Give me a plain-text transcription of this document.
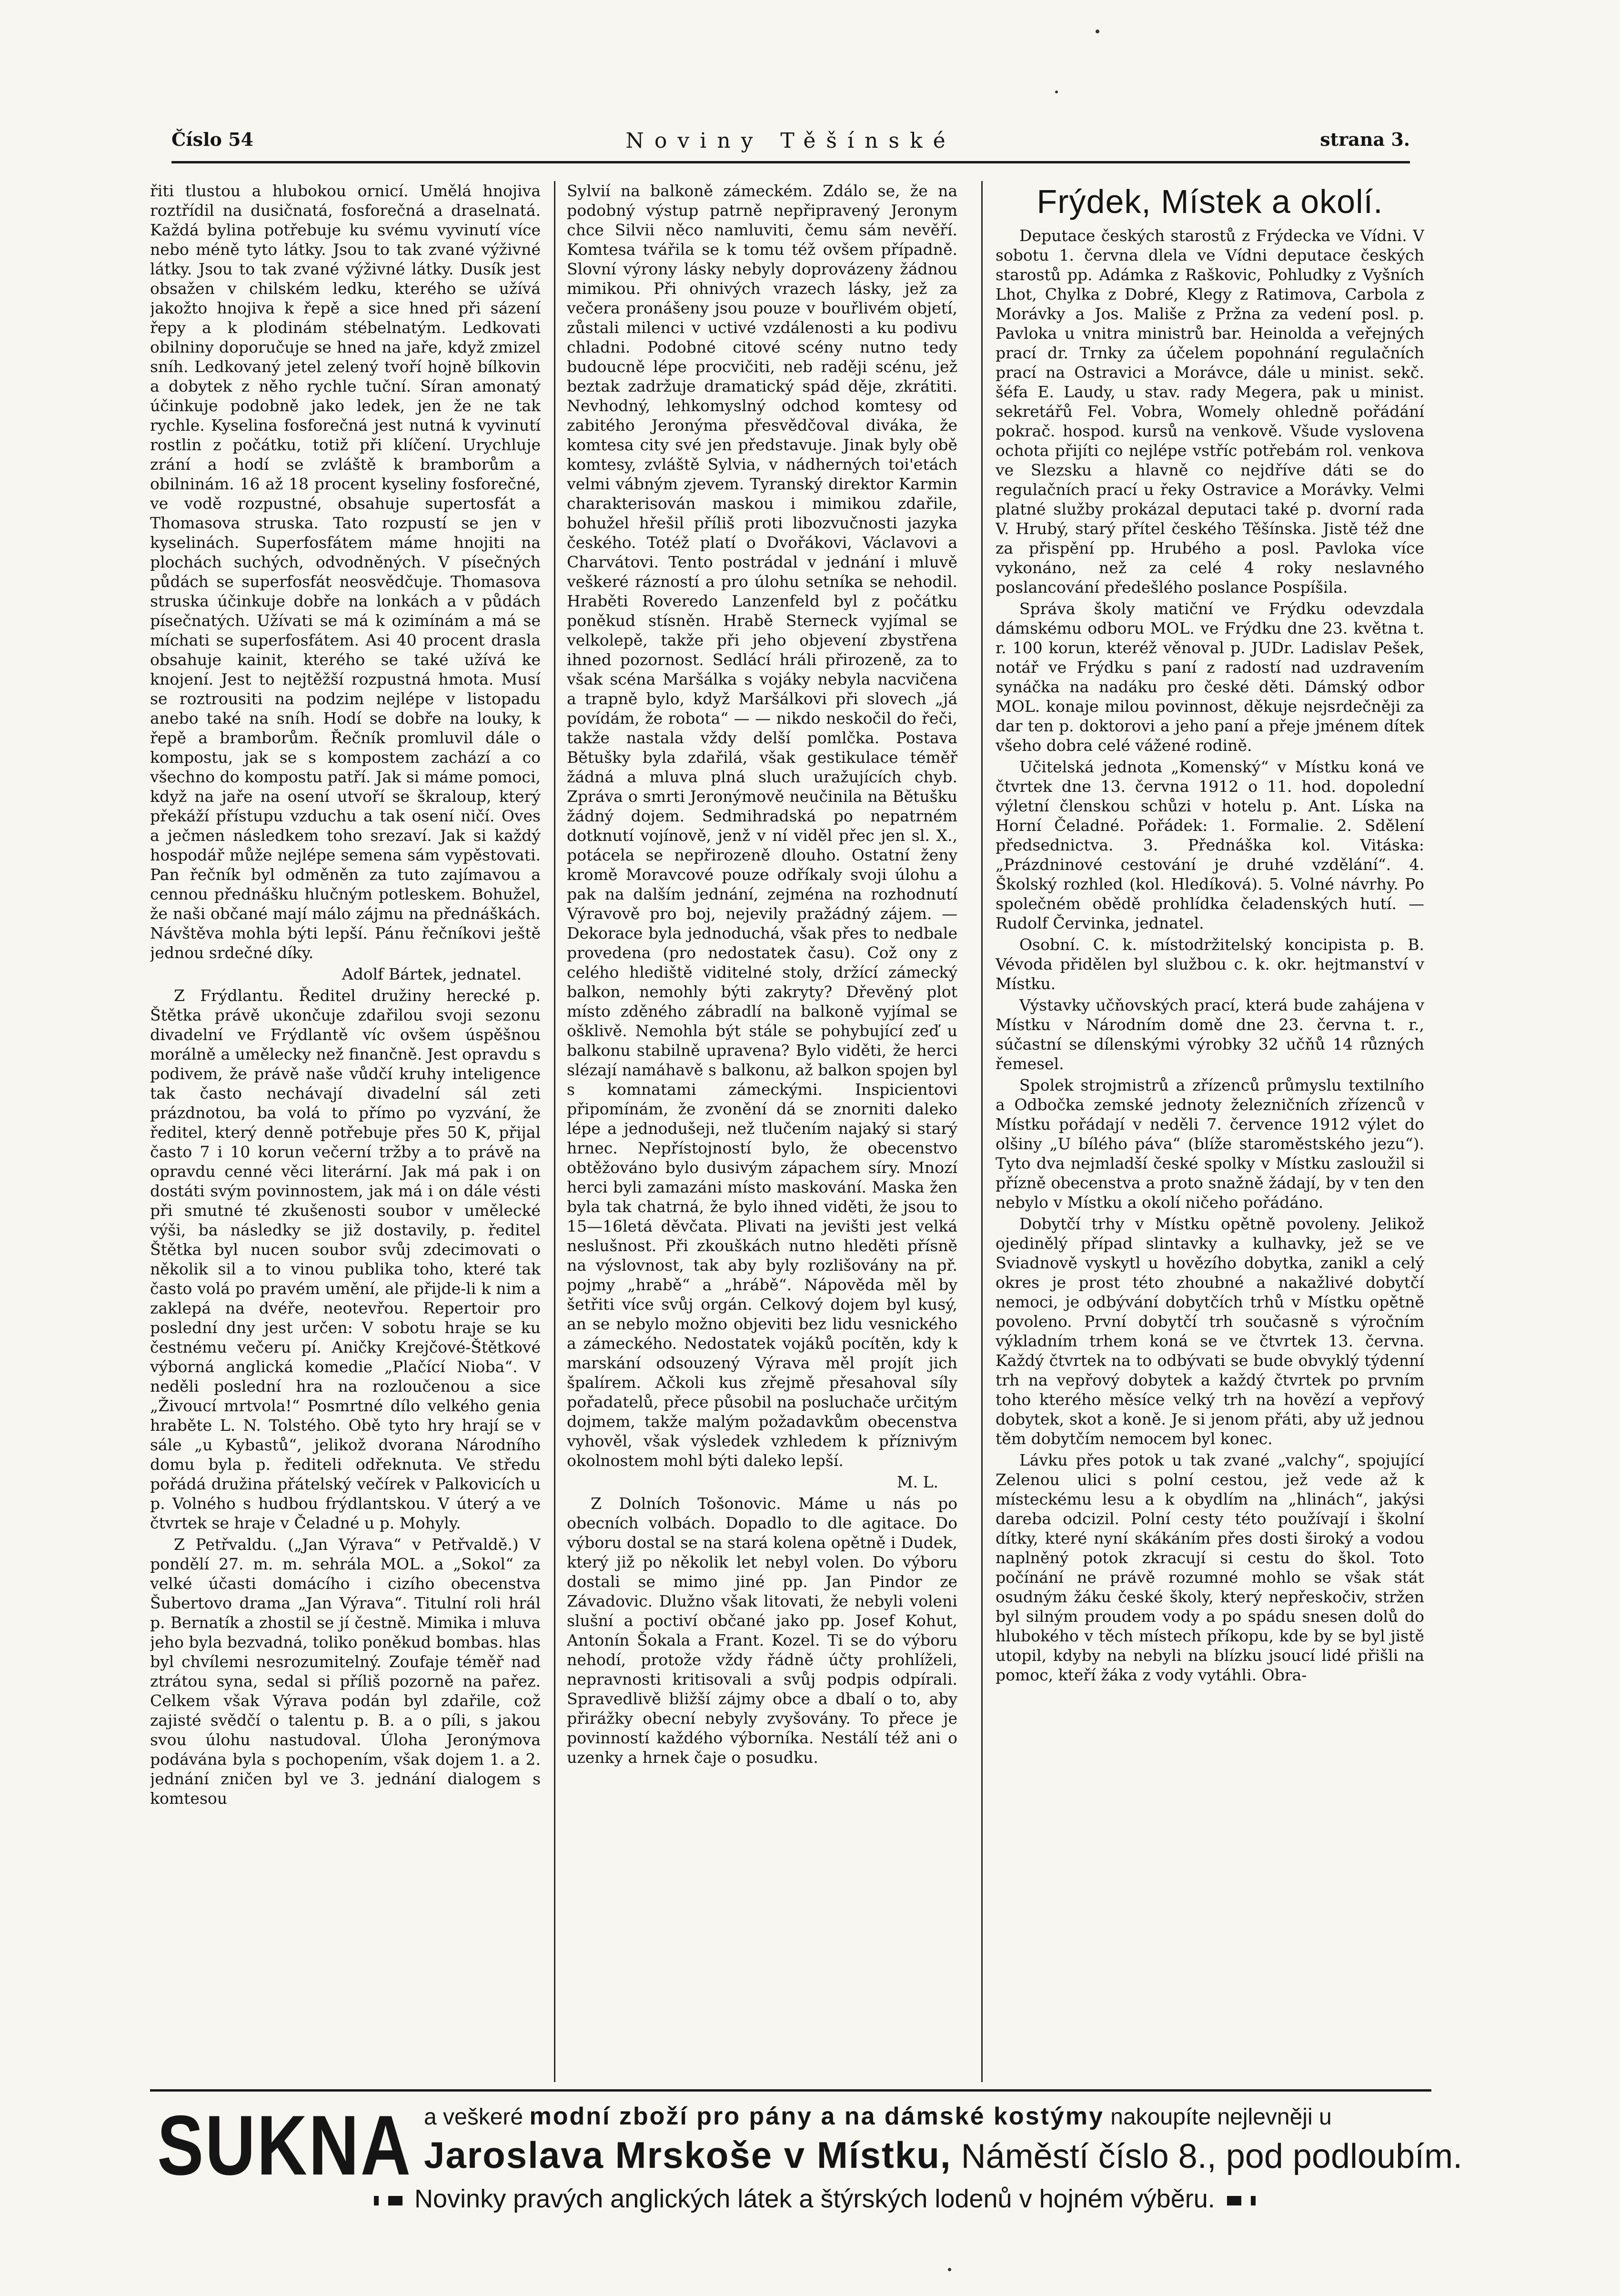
Číslo 54	Noviny Těšínské	strana 3.

řiti tlustou a hlubokou ornicí. Umělá hnojiva roztřídil na dusičnatá, fosforečná a draselnatá. Každá bylina potřebuje ku svému vyvinutí více nebo méně tyto látky. Jsou to tak zvané výživné látky. Jsou to tak zvané výživné látky. Dusík jest obsažen v chilském ledku, kterého se užívá jakožto hnojiva k řepě a sice hned při sázení řepy a k plodinám stébelnatým. Ledkovati obilniny doporučuje se hned na jaře, když zmizel sníh. Ledkovaný jetel zelený tvoří hojně bílkovin a dobytek z něho rychle tuční. Síran amonatý účinkuje podobně jako ledek, jen že ne tak rychle. Kyselina fosforečná jest nutná k vyvinutí rostlin z počátku, totiž při klíčení. Urychluje zrání a hodí se zvláště k bramborům a obilninám. 16 až 18 procent kyseliny fosforečné, ve vodě rozpustné, obsahuje supertosfát a Thomasova struska. Tato rozpustí se jen v kyselinách. Superfosfátem máme hnojiti na plochách suchých, odvodněných. V písečných půdách se superfosfát neosvědčuje. Thomasova struska účinkuje dobře na lonkách a v půdách písečnatých. Užívati se má k ozimínám a má se míchati se superfosfátem. Asi 40 procent drasla obsahuje kainit, kterého se také užívá ke knojení. Jest to nejtěžší rozpustná hmota. Musí se roztrousiti na podzim nejlépe v listopadu anebo také na sníh. Hodí se dobře na louky, k řepě a bramborům. Řečník promluvil dále o kompostu, jak se s kompostem zachází a co všechno do kompostu patří. Jak si máme pomoci, když na jaře na osení utvoří se škraloup, který překáží přístupu vzduchu a tak osení ničí. Oves a ječmen následkem toho srezaví. Jak si každý hospodář může nejlépe semena sám vypěstovati. Pan řečník byl odměněn za tuto zajímavou a cennou přednášku hlučným potleskem. Bohužel, že naši občané mají málo zájmu na přednáškách. Návštěva mohla býti lepší. Pánu řečníkovi ještě jednou srdečné díky.

Adolf Bártek, jednatel.

Z Frýdlantu. Ředitel družiny herecké p. Štětka právě ukončuje zdařilou svoji sezonu divadelní ve Frýdlantě víc ovšem úspěšnou morálně a umělecky než finančně. Jest opravdu s podivem, že právě naše vůdčí kruhy inteligence tak často nechávají divadelní sál zeti prázdnotou, ba volá to přímo po vyzvání, že ředitel, který denně potřebuje přes 50 K, přijal často 7 i 10 korun večerní tržby a to právě na opravdu cenné věci literární. Jak má pak i on dostáti svým povinnostem, jak má i on dále vésti při smutné té zkušenosti soubor v umělecké výši, ba následky se již dostavily, p. ředitel Štětka byl nucen soubor svůj zdecimovati o několik sil a to vinou publika toho, které tak často volá po pravém umění, ale přijde-li k nim a zaklepá na dvéře, neotevřou. Repertoir pro poslední dny jest určen: V sobotu hraje se ku čestnému večeru pí. Aničky Krejčové-Štětkové výborná anglická komedie „Plačící Nioba“. V neděli poslední hra na rozloučenou a sice „Živoucí mrtvola!“ Posmrtné dílo velkého genia hraběte L. N. Tolstého. Obě tyto hry hrají se v sále „u Kybastů“, jelikož dvorana Národního domu byla p. řediteli odřeknuta. Ve středu pořádá družina přátelský večírek v Palkovicích u p. Volného s hudbou frýdlantskou. V úterý a ve čtvrtek se hraje v Čeladné u p. Mohyly.

Z Petřvaldu. („Jan Výrava“ v Petřvaldě.) V pondělí 27. m. m. sehrála MOL. a „Sokol“ za velké účasti domácího i cizího obecenstva Šubertovo drama „Jan Výrava“. Titulní roli hrál p. Bernatík a zhostil se jí čestně. Mimika i mluva jeho byla bezvadná, toliko poněkud bombas. hlas byl chvílemi nesrozumitelný. Zoufaje téměř nad ztrátou syna, sedal si příliš pozorně na pařez. Celkem však Výrava podán byl zdařile, což zajisté svědčí o talentu p. B. a o píli, s jakou svou úlohu nastudoval. Úloha Jeronýmova podávána byla s pochopením, však dojem 1. a 2. jednání zničen byl ve 3. jednání dialogem s komtesou

Sylvií na balkoně zámeckém. Zdálo se, že na podobný výstup patrně nepřipravený Jeronym chce Silvii něco namluviti, čemu sám nevěří. Komtesa tvářila se k tomu též ovšem případně. Slovní výrony lásky nebyly doprovázeny žádnou mimikou. Při ohnivých vrazech lásky, jež za večera pronášeny jsou pouze v bouřlivém objetí, zůstali milenci v uctivé vzdálenosti a ku podivu chladni. Podobné citové scény nutno tedy budoucně lépe procvičiti, neb raději scénu, jež beztak zadržuje dramatický spád děje, zkrátiti. Nevhodný, lehkomyslný odchod komtesy od zabitého Jeronýma přesvědčoval diváka, že komtesa city své jen představuje. Jinak byly obě komtesy, zvláště Sylvia, v nádherných toi'etách velmi vábným zjevem. Tyranský direktor Karmin charakterisován maskou i mimikou zdařile, bohužel hřešil příliš proti libozvučnosti jazyka českého. Totéž platí o Dvořákovi, Václavovi a Charvátovi. Tento postrádal v jednání i mluvě veškeré rázností a pro úlohu setníka se nehodil. Hraběti Roveredo Lanzenfeld byl z počátku poněkud stísněn. Hrabě Sterneck vyjímal se velkolepě, takže při jeho objevení zbystřena ihned pozornost. Sedlácí hráli přirozeně, za to však scéna Maršálka s vojáky nebyla nacvičena a trapně bylo, když Maršálkovi při slovech „já povídám, že robota“ — — nikdo neskočil do řeči, takže nastala vždy delší pomlčka. Postava Bětušky byla zdařilá, však gestikulace téměř žádná a mluva plná sluch uražujících chyb. Zpráva o smrti Jeronýmově neučinila na Bětušku žádný dojem. Sedmihradská po nepatrném dotknutí vojínově, jenž v ní viděl přec jen sl. X., potácela se nepřirozeně dlouho. Ostatní ženy kromě Moravcové pouze odříkaly svoji úlohu a pak na dalším jednání, zejména na rozhodnutí Výravově pro boj, nejevily pražádný zájem. — Dekorace byla jednoduchá, však přes to nedbale provedena (pro nedostatek času). Což ony z celého hlediště viditelné stoly, držící zámecký balkon, nemohly býti zakryty? Dřevěný plot místo zděného zábradlí na balkoně vyjímal se ošklivě. Nemohla být stále se pohybující zeď u balkonu stabilně upravena? Bylo viděti, že herci slézají namáhavě s balkonu, až balkon spojen byl s komnatami zámeckými. Inspicientovi připomínám, že zvonění dá se znorniti daleko lépe a jednodušeji, než tlučením najaký si starý hrnec. Nepřístojností bylo, že obecenstvo obtěžováno bylo dusivým zápachem síry. Mnozí herci byli zamazáni místo maskování. Maska žen byla tak chatrná, že bylo ihned viděti, že jsou to 15—16letá děvčata. Plivati na jevišti jest velká neslušnost. Při zkouškách nutno hleděti přísně na výslovnost, tak aby byly rozlišovány na př. pojmy „hrabě“ a „hrábě“. Nápověda měl by šetřiti více svůj orgán. Celkový dojem byl kusý, an se nebylo možno objeviti bez lidu vesnického a zámeckého. Nedostatek vojáků pocítěn, kdy k marskání odsouzený Výrava měl projít jich špalírem. Ačkoli kus zřejmě přesahoval síly pořadatelů, přece působil na posluchače určitým dojmem, takže malým požadavkům obecenstva vyhověl, však výsledek vzhledem k příznivým okolnostem mohl býti daleko lepší.

M. L.

Z Dolních Tošonovic. Máme u nás po obecních volbách. Dopadlo to dle agitace. Do výboru dostal se na stará kolena opětně i Dudek, který již po několik let nebyl volen. Do výboru dostali se mimo jiné pp. Jan Pindor ze Závadovic. Dlužno však litovati, že nebyli voleni slušní a poctiví občané jako pp. Josef Kohut, Antonín Šokala a Frant. Kozel. Ti se do výboru nehodí, protože vždy řádně účty prohlíželi, nepravnosti kritisovali a svůj podpis odpírali. Spravedlivě bližší zájmy obce a dbalí o to, aby přirážky obecní nebyly zvyšovány. To přece je povinností každého výborníka. Nestálí též ani o uzenky a hrnek čaje o posudku.

Frýdek, Místek a okolí.

Deputace českých starostů z Frýdecka ve Vídni. V sobotu 1. června dlela ve Vídni deputace českých starostů pp. Adámka z Raškovic, Pohludky z Vyšních Lhot, Chylka z Dobré, Klegy z Ratimova, Carbola z Morávky a Jos. Mališe z Pržna za vedení posl. p. Pavloka u vnitra ministrů bar. Heinolda a veřejných prací dr. Trnky za účelem popohnání regulačních prací na Ostravici a Morávce, dále u minist. sekč. šéfa E. Laudy, u stav. rady Megera, pak u minist. sekretářů Fel. Vobra, Womely ohledně pořádání pokrač. hospod. kursů na venkově. Všude vyslovena ochota přijíti co nejlépe vstříc potřebám rol. venkova ve Slezsku a hlavně co nejdříve dáti se do regulačních prací u řeky Ostravice a Morávky. Velmi platné služby prokázal deputaci také p. dvorní rada V. Hrubý, starý přítel českého Těšínska. Jistě též dne za přispění pp. Hrubého a posl. Pavloka více vykonáno, než za celé 4 roky neslavného poslancování předešlého poslance Pospíšila.

Správa školy matiční ve Frýdku odevzdala dámskému odboru MOL. ve Frýdku dne 23. května t. r. 100 korun, kteréž věnoval p. JUDr. Ladislav Pešek, notář ve Frýdku s paní z radostí nad uzdravením synáčka na nadáku pro české děti. Dámský odbor MOL. konaje milou povinnost, děkuje nejsrdečněji za dar ten p. doktorovi a jeho paní a přeje jménem dítek všeho dobra celé vážené rodině.

Učitelská jednota „Komenský“ v Místku koná ve čtvrtek dne 13. června 1912 o 11. hod. dopolední výletní členskou schůzi v hotelu p. Ant. Líska na Horní Čeladné. Pořádek: 1. Formalie. 2. Sdělení předsednictva. 3. Přednáška kol. Vitáska: „Prázdninové cestování je druhé vzdělání“. 4. Školský rozhled (kol. Hledíková). 5. Volné návrhy. Po společném obědě prohlídka čeladenských hutí. — Rudolf Červinka, jednatel.

Osobní. C. k. místodržitelský koncipista p. B. Vévoda přidělen byl službou c. k. okr. hejtmanství v Místku.

Výstavky učňovských prací, která bude zahájena v Místku v Národním domě dne 23. června t. r., súčastní se dílenskými výrobky 32 učňů 14 různých řemesel.

Spolek strojmistrů a zřízenců průmyslu textilního a Odbočka zemské jednoty železničních zřízenců v Místku pořádají v neděli 7. července 1912 výlet do olšiny „U bílého páva“ (blíže staroměstského jezu“). Tyto dva nejmladší české spolky v Místku zasloužil si přízně obecenstva a proto snažně žádají, by v ten den nebylo v Místku a okolí ničeho pořádáno.

Dobytčí trhy v Místku opětně povoleny. Jelikož ojedinělý případ slintavky a kulhavky, jež se ve Sviadnově vyskytl u hovězího dobytka, zanikl a celý okres je prost této zhoubné a nakažlivé dobytčí nemoci, je odbývání dobytčích trhů v Místku opětně povoleno. První dobytčí trh současně s výročním výkladním trhem koná se ve čtvrtek 13. června. Každý čtvrtek na to odbývati se bude obvyklý týdenní trh na vepřový dobytek a každý čtvrtek po prvním toho kterého měsíce velký trh na hovězí a vepřový dobytek, skot a koně. Je si jenom přáti, aby už jednou těm dobytčím nemocem byl konec.

Lávku přes potok u tak zvané „valchy“, spojující Zelenou ulici s polní cestou, jež vede až k místeckému lesu a k obydlím na „hlinách“, jakýsi dareba odcizil. Polní cesty této používají i školní dítky, které nyní skákáním přes dosti široký a vodou naplněný potok zkracují si cestu do škol. Toto počínání ne právě rozumné mohlo se však stát osudným žáku české školy, který nepřeskočiv, stržen byl silným proudem vody a po spádu snesen dolů do hlubokého v těch místech příkopu, kde by se byl jistě utopil, kdyby na nebyli na blízku jsoucí lidé přišli na pomoc, kteří žáka z vody vytáhli. Obra-

SUKNA a veškeré modní zboží pro pány a na dámské kostýmy nakoupíte nejlevněji u
Jaroslava Mrskoše v Místku, Náměstí číslo 8., pod podloubím.
Novinky pravých anglických látek a štýrských lodenů v hojném výběru.
